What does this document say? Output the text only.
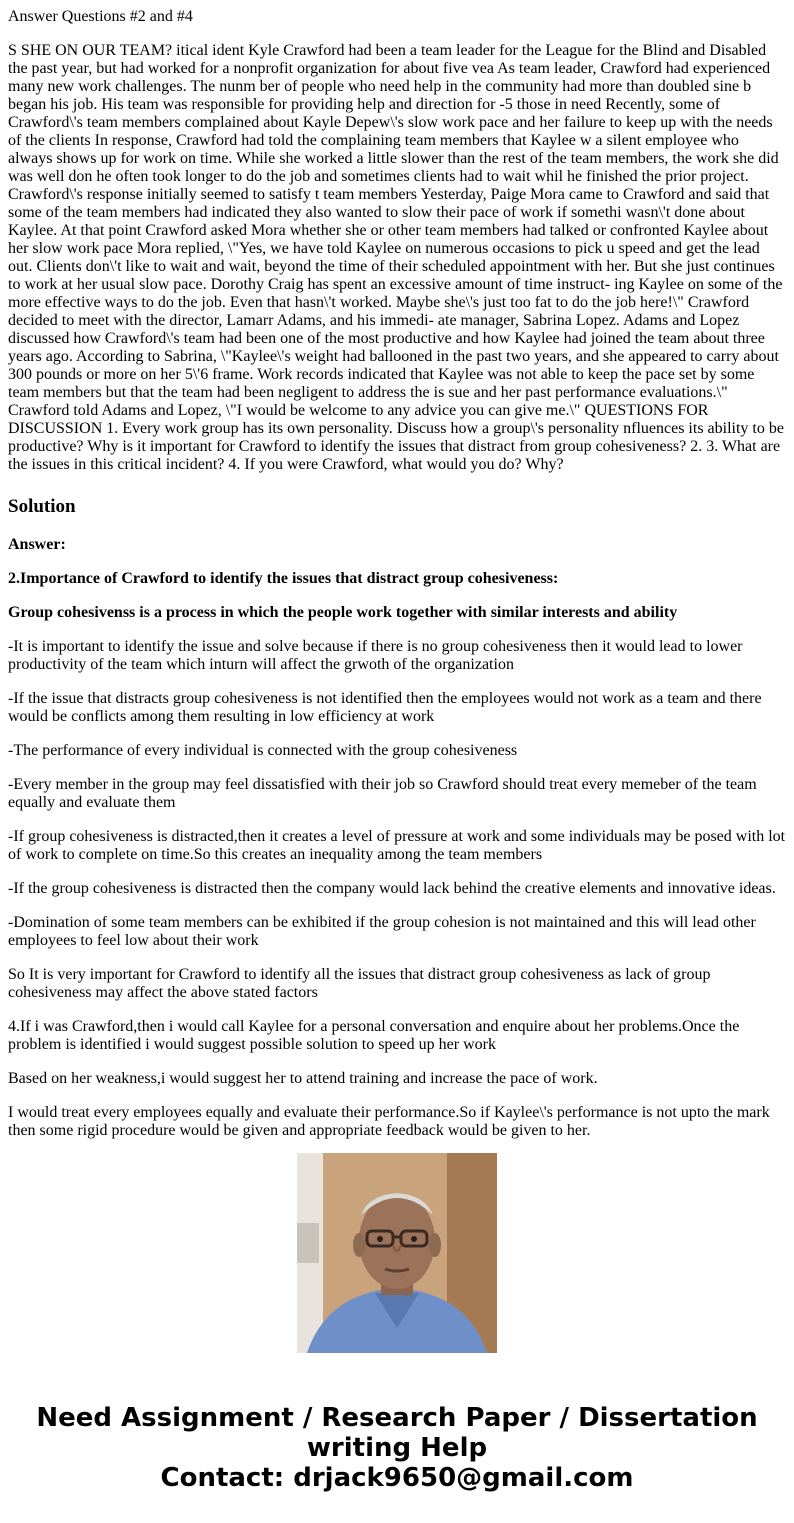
Answer Questions #2 and #4

S SHE ON OUR TEAM? itical ident Kyle Crawford had been a team leader for the League for the Blind and Disabled the past year, but had worked for a nonprofit organization for about five vea As team leader, Crawford had experienced many new work challenges. The nunm ber of people who need help in the community had more than doubled sine b began his job. His team was responsible for providing help and direction for -5 those in need Recently, some of Crawford\'s team members complained about Kayle Depew\'s slow work pace and her failure to keep up with the needs of the clients In response, Crawford had told the complaining team members that Kaylee w a silent employee who always shows up for work on time. While she worked a little slower than the rest of the team members, the work she did was well don he often took longer to do the job and sometimes clients had to wait whil he finished the prior project. Crawford\'s response initially seemed to satisfy t team members Yesterday, Paige Mora came to Crawford and said that some of the team members had indicated they also wanted to slow their pace of work if somethi wasn\'t done about Kaylee. At that point Crawford asked Mora whether she or other team members had talked or confronted Kaylee about her slow work pace Mora replied, \"Yes, we have told Kaylee on numerous occasions to pick u speed and get the lead out. Clients don\'t like to wait and wait, beyond the time of their scheduled appointment with her. But she just continues to work at her usual slow pace. Dorothy Craig has spent an excessive amount of time instruct- ing Kaylee on some of the more effective ways to do the job. Even that hasn\'t worked. Maybe she\'s just too fat to do the job here!\" Crawford decided to meet with the director, Lamarr Adams, and his immedi- ate manager, Sabrina Lopez. Adams and Lopez discussed how Crawford\'s team had been one of the most productive and how Kaylee had joined the team about three years ago. According to Sabrina, \"Kaylee\'s weight had ballooned in the past two years, and she appeared to carry about 300 pounds or more on her 5\'6 frame. Work records indicated that Kaylee was not able to keep the pace set by some team members but that the team had been negligent to address the is sue and her past performance evaluations.\" Crawford told Adams and Lopez, \"I would be welcome to any advice you can give me.\" QUESTIONS FOR DISCUSSION 1. Every work group has its own personality. Discuss how a group\'s personality nfluences its ability to be productive? Why is it important for Crawford to identify the issues that distract from group cohesiveness? 2. 3. What are the issues in this critical incident? 4. If you were Crawford, what would you do? Why?

Solution

Answer:

2.Importance of Crawford to identify the issues that distract group cohesiveness:

Group cohesivenss is a process in which the people work together with similar interests and ability

-It is important to identify the issue and solve because if there is no group cohesiveness then it would lead to lower productivity of the team which inturn will affect the grwoth of the organization

-If the issue that distracts group cohesiveness is not identified then the employees would not work as a team and there would be conflicts among them resulting in low efficiency at work

-The performance of every individual is connected with the group cohesiveness

-Every member in the group may feel dissatisfied with their job so Crawford should treat every memeber of the team equally and evaluate them

-If group cohesiveness is distracted,then it creates a level of pressure at work and some individuals may be posed with lot of work to complete on time.So this creates an inequality among the team members

-If the group cohesiveness is distracted then the company would lack behind the creative elements and innovative ideas.

-Domination of some team members can be exhibited if the group cohesion is not maintained and this will lead other employees to feel low about their work

So It is very important for Crawford to identify all the issues that distract group cohesiveness as lack of group cohesiveness may affect the above stated factors

4.If i was Crawford,then i would call Kaylee for a personal conversation and enquire about her problems.Once the problem is identified i would suggest possible solution to speed up her work

Based on her weakness,i would suggest her to attend training and increase the pace of work.

I would treat every employees equally and evaluate their performance.So if Kaylee\'s performance is not upto the mark then some rigid procedure would be given and appropriate feedback would be given to her.

Need Assignment / Research Paper / Dissertation
writing Help
Contact: drjack9650@gmail.com
